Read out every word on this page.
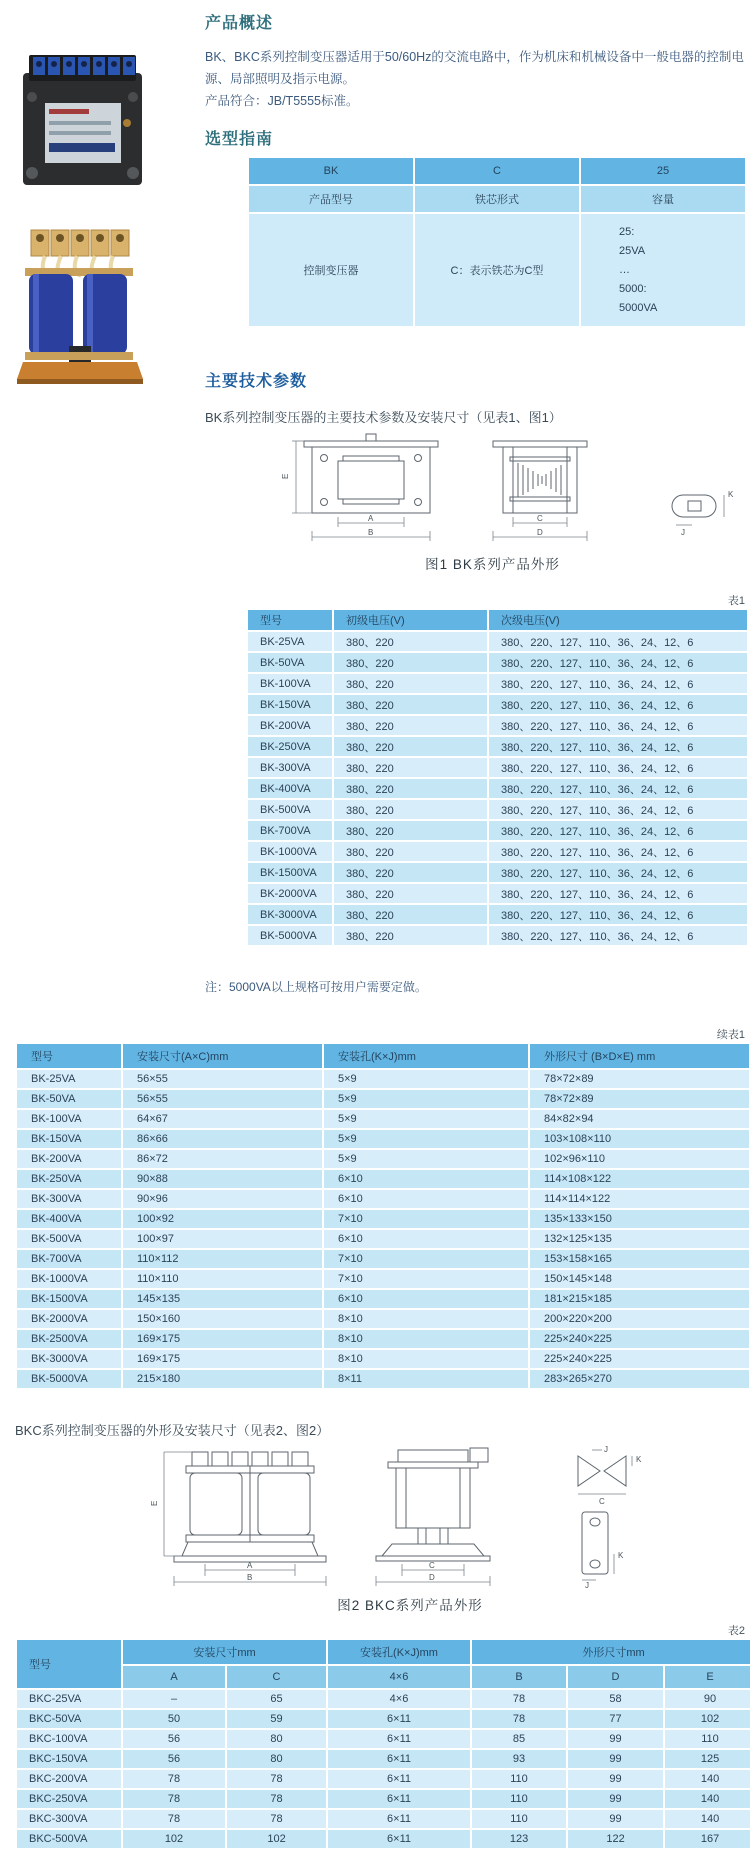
产品概述
BK、BKC系列控制变压器适用于50/60Hz的交流电路中，作为机床和机械设备中一般电器的控制电源、局部照明及指示电源。
产品符合：JB/T5555标准。
选型指南
BK	C	25
产品型号	铁芯形式	容量
控制变压器	C：表示铁芯为C型	25:
25VA
…
5000:
5000VA
主要技术参数
BK系列控制变压器的主要技术参数及安装尺寸（见表1、图1）
E
A
B
C
D
K
J
图1 BK系列产品外形
表1
型号	初级电压(V)	次级电压(V)
BK-25VA	380、220	380、220、127、110、36、24、12、6
BK-50VA	380、220	380、220、127、110、36、24、12、6
BK-100VA	380、220	380、220、127、110、36、24、12、6
BK-150VA	380、220	380、220、127、110、36、24、12、6
BK-200VA	380、220	380、220、127、110、36、24、12、6
BK-250VA	380、220	380、220、127、110、36、24、12、6
BK-300VA	380、220	380、220、127、110、36、24、12、6
BK-400VA	380、220	380、220、127、110、36、24、12、6
BK-500VA	380、220	380、220、127、110、36、24、12、6
BK-700VA	380、220	380、220、127、110、36、24、12、6
BK-1000VA	380、220	380、220、127、110、36、24、12、6
BK-1500VA	380、220	380、220、127、110、36、24、12、6
BK-2000VA	380、220	380、220、127、110、36、24、12、6
BK-3000VA	380、220	380、220、127、110、36、24、12、6
BK-5000VA	380、220	380、220、127、110、36、24、12、6
注：5000VA以上规格可按用户需要定做。
续表1
型号	安装尺寸(A×C)mm	安装孔(K×J)mm	外形尺寸 (B×D×E) mm
BK-25VA	56×55	5×9	78×72×89
BK-50VA	56×55	5×9	78×72×89
BK-100VA	64×67	5×9	84×82×94
BK-150VA	86×66	5×9	103×108×110
BK-200VA	86×72	5×9	102×96×110
BK-250VA	90×88	6×10	114×108×122
BK-300VA	90×96	6×10	114×114×122
BK-400VA	100×92	7×10	135×133×150
BK-500VA	100×97	6×10	132×125×135
BK-700VA	110×112	7×10	153×158×165
BK-1000VA	110×110	7×10	150×145×148
BK-1500VA	145×135	6×10	181×215×185
BK-2000VA	150×160	8×10	200×220×200
BK-2500VA	169×175	8×10	225×240×225
BK-3000VA	169×175	8×10	225×240×225
BK-5000VA	215×180	8×11	283×265×270
BKC系列控制变压器的外形及安装尺寸（见表2、图2）
E
A
B
C
D
J
K
C
K
J
图2 BKC系列产品外形
表2
型号	安装尺寸mm		安装孔(K×J)mm	外形尺寸mm		
	A	C	4×6	B	D	E
BKC-25VA	–	65	4×6	78	58	90
BKC-50VA	50	59	6×11	78	77	102
BKC-100VA	56	80	6×11	85	99	110
BKC-150VA	56	80	6×11	93	99	125
BKC-200VA	78	78	6×11	110	99	140
BKC-250VA	78	78	6×11	110	99	140
BKC-300VA	78	78	6×11	110	99	140
BKC-500VA	102	102	6×11	123	122	167
